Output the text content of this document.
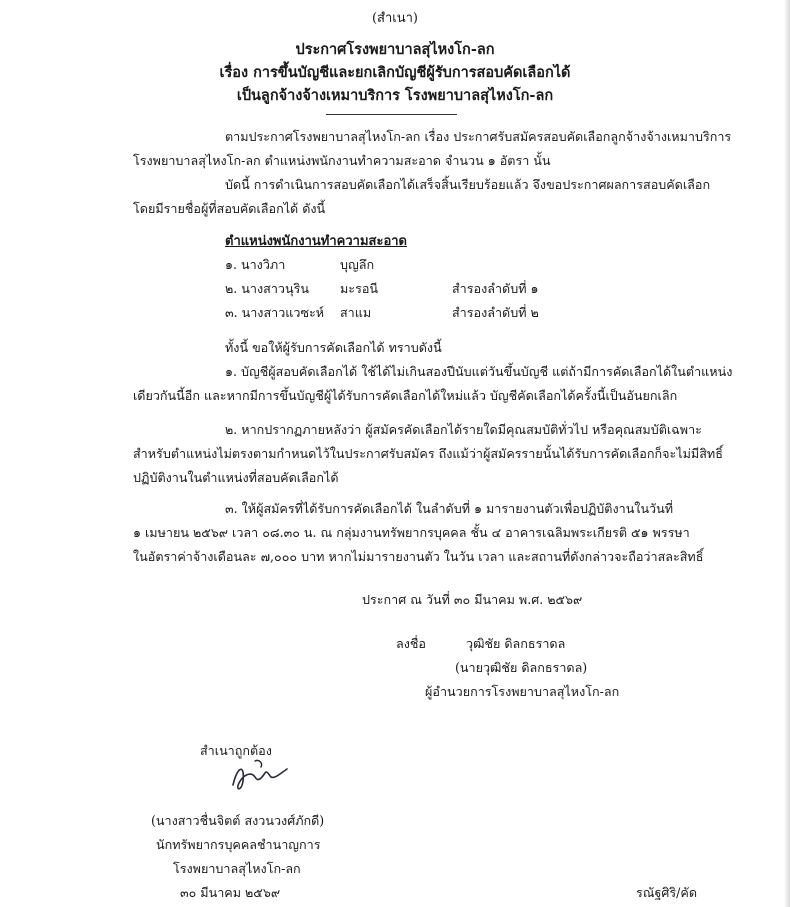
(สำเนา)
ประกาศโรงพยาบาลสุไหงโก-ลก
เรื่อง การขึ้นบัญชีและยกเลิกบัญชีผู้รับการสอบคัดเลือกได้
เป็นลูกจ้างจ้างเหมาบริการ โรงพยาบาลสุไหงโก-ลก
ตามประกาศโรงพยาบาลสุไหงโก-ลก เรื่อง ประกาศรับสมัครสอบคัดเลือกลูกจ้างจ้างเหมาบริการ
โรงพยาบาลสุไหงโก-ลก ตำแหน่งพนักงานทำความสะอาด จำนวน ๑ อัตรา นั้น
บัดนี้ การดำเนินการสอบคัดเลือกได้เสร็จสิ้นเรียบร้อยแล้ว จึงขอประกาศผลการสอบคัดเลือก
โดยมีรายชื่อผู้ที่สอบคัดเลือกได้ ดังนี้
ตำแหน่งพนักงานทำความสะอาด
๑. นางวิภา	บุญลึก
๒. นางสาวนุริน มะรอนี	สำรองลำดับที่ ๑
๓. นางสาวแวซะห์ สาแม	สำรองลำดับที่ ๒
ทั้งนี้ ขอให้ผู้รับการคัดเลือกได้ ทราบดังนี้
๑. บัญชีผู้สอบคัดเลือกได้ ใช้ได้ไม่เกินสองปีนับแต่วันขึ้นบัญชี แต่ถ้ามีการคัดเลือกได้ในตำแหน่ง
เดียวกันนี้อีก และหากมีการขึ้นบัญชีผู้ได้รับการคัดเลือกได้ใหม่แล้ว บัญชีคัดเลือกได้ครั้งนี้เป็นอันยกเลิก
๒. หากปรากฏภายหลังว่า ผู้สมัครคัดเลือกได้รายใดมีคุณสมบัติทั่วไป หรือคุณสมบัติเฉพาะ
สำหรับตำแหน่งไม่ตรงตามกำหนดไว้ในประกาศรับสมัคร ถึงแม้ว่าผู้สมัครรายนั้นได้รับการคัดเลือกก็จะไม่มีสิทธิ์
ปฏิบัติงานในตำแหน่งที่สอบคัดเลือกได้
๓. ให้ผู้สมัครที่ได้รับการคัดเลือกได้ ในลำดับที่ ๑ มารายงานตัวเพื่อปฏิบัติงานในวันที่
๑ เมษายน ๒๕๖๙ เวลา ๐๘.๓๐ น. ณ กลุ่มงานทรัพยากรบุคคล ชั้น ๔ อาคารเฉลิมพระเกียรติ ๕๑ พรรษา
ในอัตราค่าจ้างเดือนละ ๗,๐๐๐ บาท หากไม่มารายงานตัว ในวัน เวลา และสถานที่ดังกล่าวจะถือว่าสละสิทธิ์
ประกาศ ณ วันที่ ๓๐ มีนาคม พ.ศ. ๒๕๖๙
ลงชื่อ	วุฒิชัย ดิลกธราดล
(นายวุฒิชัย ดิลกธราดล)
ผู้อำนวยการโรงพยาบาลสุไหงโก-ลก
สำเนาถูกต้อง
(นางสาวชื่นจิตต์ สงวนวงศ์ภักดี)
นักทรัพยากรบุคคลชำนาญการ
โรงพยาบาลสุไหงโก-ลก
๓๐ มีนาคม ๒๕๖๙	รณัฐศิริ/คัด
